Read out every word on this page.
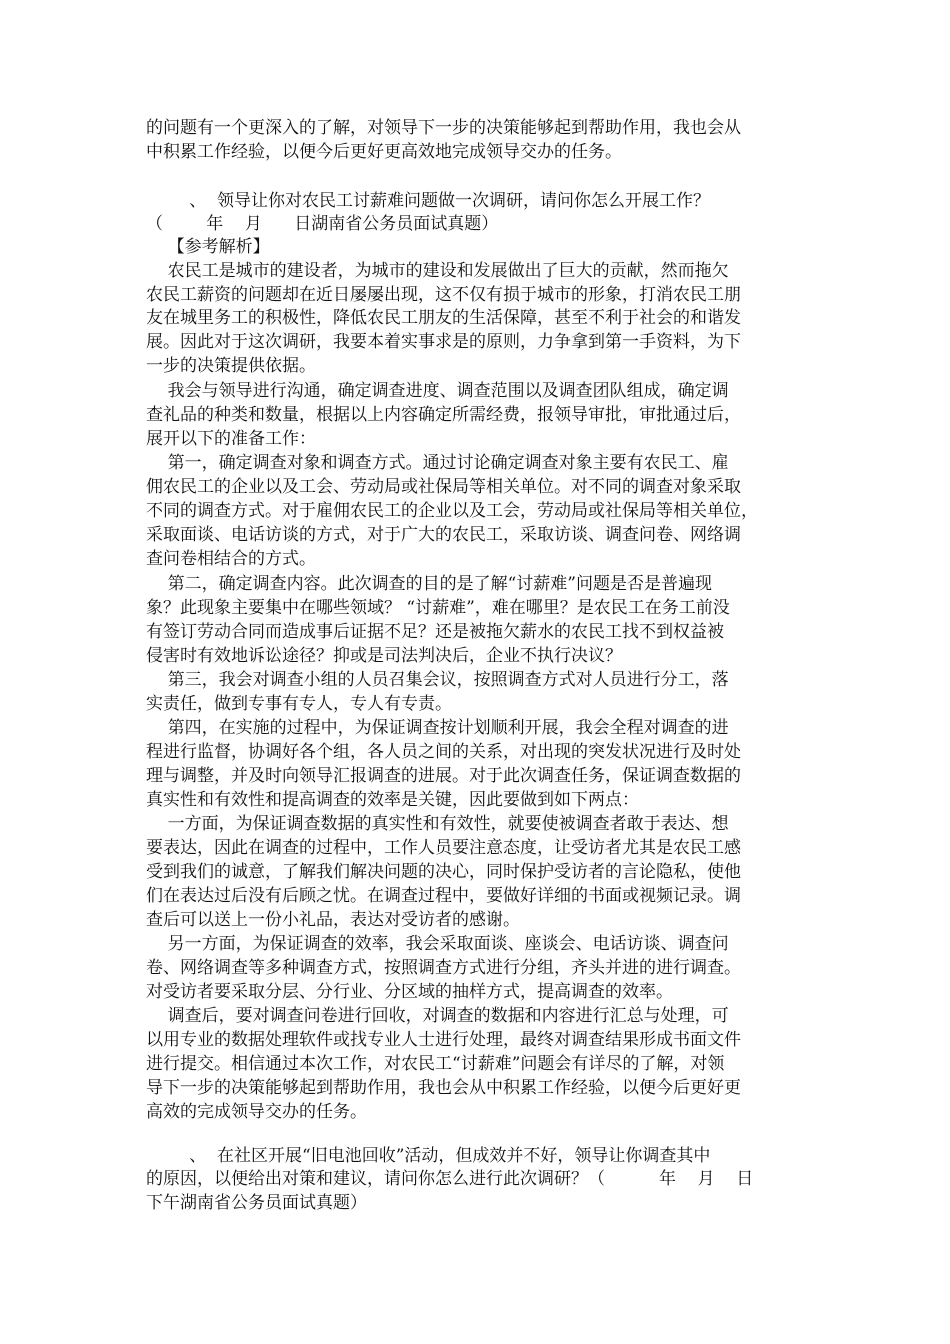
的问题有一个更深入的了解，对领导下一步的决策能够起到帮助作用，我也会从

中积累工作经验，以便今后更好更高效地完成领导交办的任务。

、  领导让你对农民工讨薪难问题做一次调研，请问你怎么开展工作？

（        年    月      日湖南省公务员面试真题）

【参考解析】

农民工是城市的建设者，为城市的建设和发展做出了巨大的贡献，然而拖欠

农民工薪资的问题却在近日屡屡出现，这不仅有损于城市的形象，打消农民工朋

友在城里务工的积极性，降低农民工朋友的生活保障，甚至不利于社会的和谐发

展。因此对于这次调研，我要本着实事求是的原则，力争拿到第一手资料，为下

一步的决策提供依据。

我会与领导进行沟通，确定调查进度、调查范围以及调查团队组成，确定调

查礼品的种类和数量，根据以上内容确定所需经费，报领导审批，审批通过后，

展开以下的准备工作：

第一，确定调查对象和调查方式。通过讨论确定调查对象主要有农民工、雇

佣农民工的企业以及工会、劳动局或社保局等相关单位。对不同的调查对象采取

不同的调查方式。对于雇佣农民工的企业以及工会，劳动局或社保局等相关单位，

采取面谈、电话访谈的方式，对于广大的农民工，采取访谈、调查问卷、网络调

查问卷相结合的方式。

第二，确定调查内容。此次调查的目的是了解“讨薪难”问题是否是普遍现

象？此现象主要集中在哪些领域？ “讨薪难”，难在哪里？是农民工在务工前没

有签订劳动合同而造成事后证据不足？还是被拖欠薪水的农民工找不到权益被

侵害时有效地诉讼途径？抑或是司法判决后，企业不执行决议？

第三，我会对调查小组的人员召集会议，按照调查方式对人员进行分工，落

实责任，做到专事有专人，专人有专责。

第四，在实施的过程中，为保证调查按计划顺利开展，我会全程对调查的进

程进行监督，协调好各个组，各人员之间的关系，对出现的突发状况进行及时处

理与调整，并及时向领导汇报调查的进展。对于此次调查任务，保证调查数据的

真实性和有效性和提高调查的效率是关键，因此要做到如下两点：

一方面，为保证调查数据的真实性和有效性，就要使被调查者敢于表达、想

要表达，因此在调查的过程中，工作人员要注意态度，让受访者尤其是农民工感

受到我们的诚意，了解我们解决问题的决心，同时保护受访者的言论隐私，使他

们在表达过后没有后顾之忧。在调查过程中，要做好详细的书面或视频记录。调

查后可以送上一份小礼品，表达对受访者的感谢。

另一方面，为保证调查的效率，我会采取面谈、座谈会、电话访谈、调查问

卷、网络调查等多种调查方式，按照调查方式进行分组，齐头并进的进行调查。

对受访者要采取分层、分行业、分区域的抽样方式，提高调查的效率。

调查后，要对调查问卷进行回收，对调查的数据和内容进行汇总与处理，可

以用专业的数据处理软件或找专业人士进行处理，最终对调查结果形成书面文件

进行提交。相信通过本次工作，对农民工“讨薪难”问题会有详尽的了解，对领

导下一步的决策能够起到帮助作用，我也会从中积累工作经验，以便今后更好更

高效的完成领导交办的任务。

、  在社区开展“旧电池回收”活动，但成效并不好，领导让你调查其中

的原因，以便给出对策和建议，请问你怎么进行此次调研？（          年    月    日

下午湖南省公务员面试真题）
